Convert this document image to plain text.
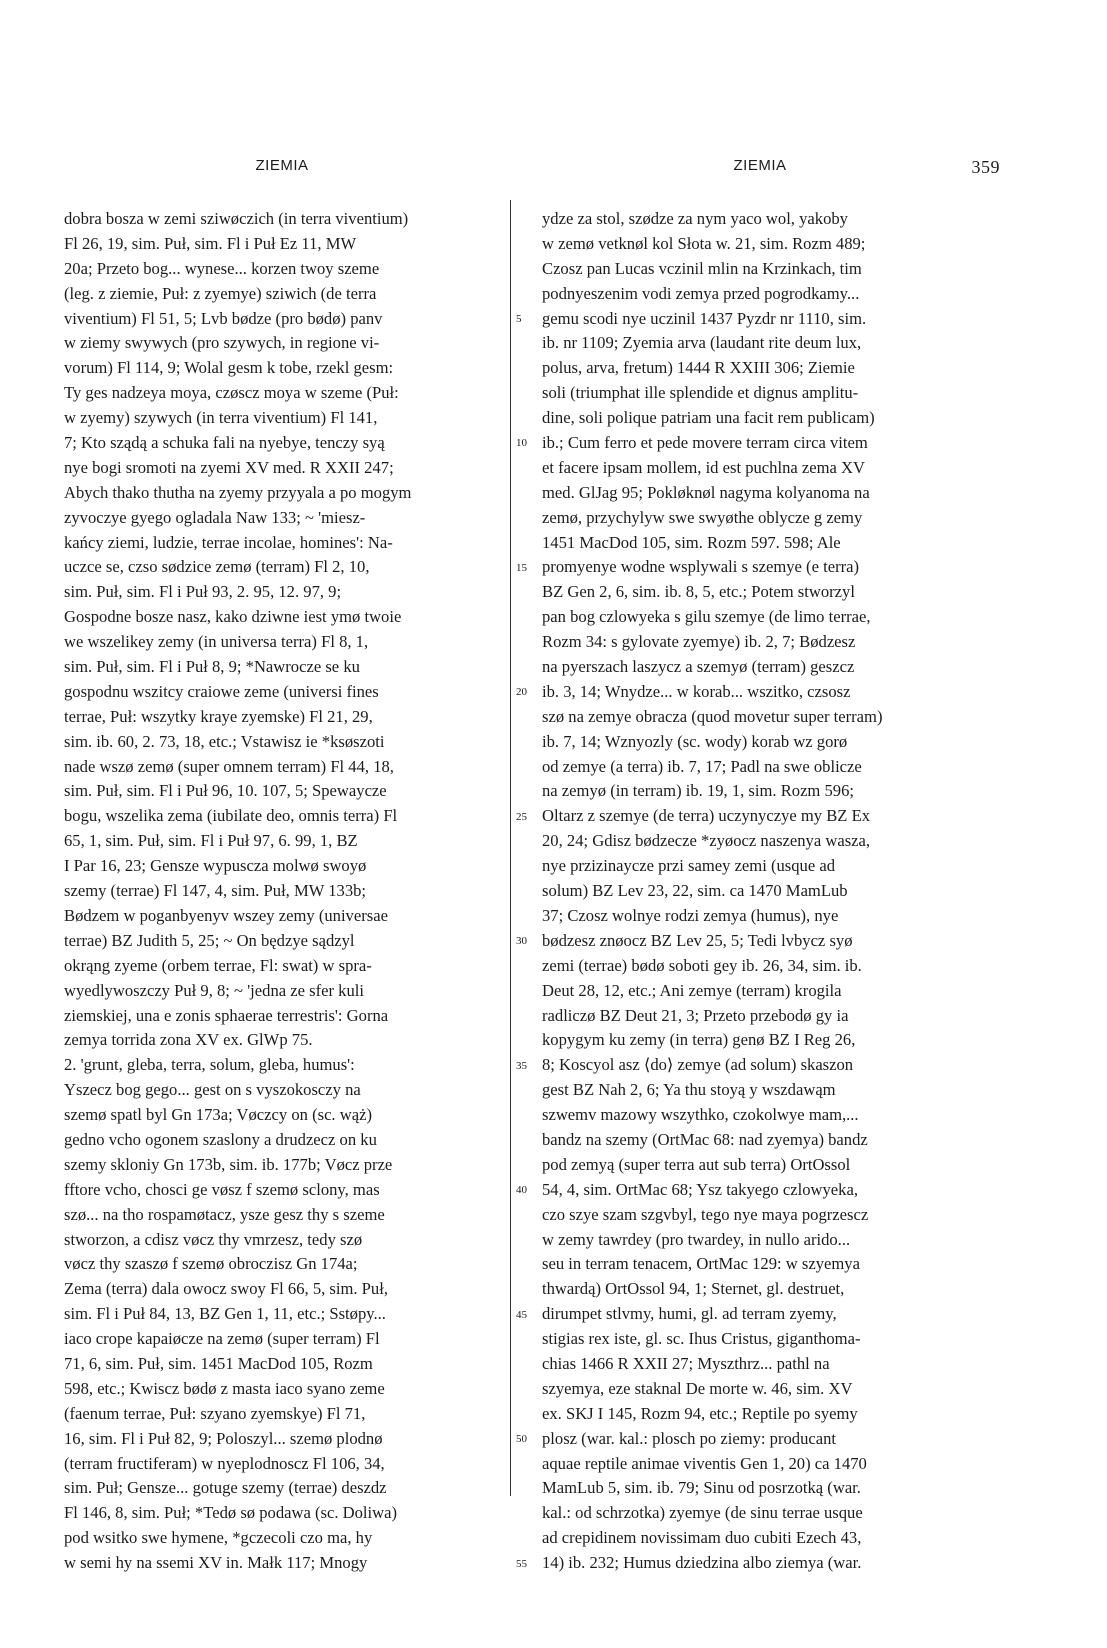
ZIEMIA	ZIEMIA	359
dobra bosza w zemi sziwøczich (in terra viventium)
Fl 26, 19, sim. Puł, sim. Fl i Puł Ez 11, MW
20a; Przeto bog... wynese... korzen twoy szeme
(leg. z ziemie, Puł: z zyemye) sziwich (de terra
viventium) Fl 51, 5; Lvb bødze (pro bødø) panv
w ziemy swywych (pro szywych, in regione vi-
vorum) Fl 114, 9; Wolal gesm k tobe, rzekl gesm:
Ty ges nadzeya moya, czøscz moya w szeme (Puł:
w zyemy) szywych (in terra viventium) Fl 141,
7; Kto sządą a schuka fali na nyebye, tenczy syą
nye bogi sromoti na zyemi XV med. R XXII 247;
Abych thako thutha na zyemy przyyala a po mogym
zyvoczye gyego ogladala Naw 133; ~ 'miesz-
kańcy ziemi, ludzie, terrae incolae, homines': Na-
uczce se, czso sødzice zemø (terram) Fl 2, 10,
sim. Puł, sim. Fl i Puł 93, 2. 95, 12. 97, 9;
Gospodne bosze nasz, kako dziwne iest ymø twoie
we wszelikey zemy (in universa terra) Fl 8, 1,
sim. Puł, sim. Fl i Puł 8, 9; *Nawrocze se ku
gospodnu wszitcy craiowe zeme (universi fines
terrae, Puł: wszytky kraye zyemske) Fl 21, 29,
sim. ib. 60, 2. 73, 18, etc.; Vstawisz ie *ksøszoti
nade wszø zemø (super omnem terram) Fl 44, 18,
sim. Puł, sim. Fl i Puł 96, 10. 107, 5; Spewaycze
bogu, wszelika zema (iubilate deo, omnis terra) Fl
65, 1, sim. Puł, sim. Fl i Puł 97, 6. 99, 1, BZ
I Par 16, 23; Gensze wypuscza molwø swoyø
szemy (terrae) Fl 147, 4, sim. Puł, MW 133b;
Bødzem w poganbyenyv wszey zemy (universae
terrae) BZ Judith 5, 25; ~ On będzye sądzyl
okrąng zyeme (orbem terrae, Fl: swat) w spra-
wyedlywoszczy Puł 9, 8; ~ 'jedna ze sfer kuli
ziemskiej, una e zonis sphaerae terrestris': Gorna
zemya torrida zona XV ex. GlWp 75.
2. 'grunt, gleba, terra, solum, gleba, humus':
Yszecz bog gego... gest on s vyszokosczy na
szemø spatl byl Gn 173a; Vøczcy on (sc. wąż)
gedno vcho ogonem szaslony a drudzecz on ku
szemy skloniy Gn 173b, sim. ib. 177b; Vøcz prze
fftore vcho, chosci ge vøsz f szemø sclony, mas
szø... na tho rospamøtacz, ysze gesz thy s szeme
stworzon, a cdisz vøcz thy vmrzesz, tedy szø
vøcz thy szaszø f szemø obroczisz Gn 174a;
Zema (terra) dala owocz swoy Fl 66, 5, sim. Puł,
sim. Fl i Puł 84, 13, BZ Gen 1, 11, etc.; Sstøpy...
iaco crope kapaiøcze na zemø (super terram) Fl
71, 6, sim. Puł, sim. 1451 MacDod 105, Rozm
598, etc.; Kwiscz bødø z masta iaco syano zeme
(faenum terrae, Puł: szyano zyemskye) Fl 71,
16, sim. Fl i Puł 82, 9; Poloszyl... szemø plodnø
(terram fructiferam) w nyeplodnoscz Fl 106, 34,
sim. Puł; Gensze... gotuge szemy (terrae) deszdz
Fl 146, 8, sim. Puł; *Tedø sø podawa (sc. Doliwa)
pod wsitko swe hymene, *gczecoli czo ma, hy
w semi hy na ssemi XV in. Małk 117; Mnogy
5
10
15
20
25
30
35
40
45
50
55
ydze za stol, szødze za nym yaco wol, yakoby
w zemø vetknøl kol Słota w. 21, sim. Rozm 489;
Czosz pan Lucas vczinil mlin na Krzinkach, tim
podnyeszenim vodi zemya przed pogrodkamy...
gemu scodi nye uczinil 1437 Pyzdr nr 1110, sim.
ib. nr 1109; Zyemia arva (laudant rite deum lux,
polus, arva, fretum) 1444 R XXIII 306; Ziemie
soli (triumphat ille splendide et dignus amplitu-
dine, soli polique patriam una facit rem publicam)
ib.; Cum ferro et pede movere terram circa vitem
et facere ipsam mollem, id est puchlna zema XV
med. GlJag 95; Pokløknøl nagyma kolyanoma na
zemø, przychylyw swe swyøthe oblycze g zemy
1451 MacDod 105, sim. Rozm 597. 598; Ale
promyenye wodne wsplywali s szemye (e terra)
BZ Gen 2, 6, sim. ib. 8, 5, etc.; Potem stworzyl
pan bog czlowyeka s gilu szemye (de limo terrae,
Rozm 34: s gylovate zyemye) ib. 2, 7; Bødzesz
na pyerszach laszycz a szemyø (terram) geszcz
ib. 3, 14; Wnydze... w korab... wszitko, czsosz
szø na zemye obracza (quod movetur super terram)
ib. 7, 14; Wznyozly (sc. wody) korab wz gorø
od zemye (a terra) ib. 7, 17; Padl na swe oblicze
na zemyø (in terram) ib. 19, 1, sim. Rozm 596;
Oltarz z szemye (de terra) uczynyczye my BZ Ex
20, 24; Gdisz bødzecze *zyøocz naszenya wasza,
nye przizinaycze przi samey zemi (usque ad
solum) BZ Lev 23, 22, sim. ca 1470 MamLub
37; Czosz wolnye rodzi zemya (humus), nye
bødzesz znøocz BZ Lev 25, 5; Tedi lvbycz syø
zemi (terrae) bødø soboti gey ib. 26, 34, sim. ib.
Deut 28, 12, etc.; Ani zemye (terram) krogila
radliczø BZ Deut 21, 3; Przeto przebodø gy ia
kopygym ku zemy (in terra) genø BZ I Reg 26,
8; Koscyol asz ⟨do⟩ zemye (ad solum) skaszon
gest BZ Nah 2, 6; Ya thu stoyą y wszdawąm
szwemv mazowy wszythko, czokolwye mam,...
bandz na szemy (OrtMac 68: nad zyemya) bandz
pod zemyą (super terra aut sub terra) OrtOssol
54, 4, sim. OrtMac 68; Ysz takyego czlowyeka,
czo szye szam szgvbyl, tego nye maya pogrzescz
w zemy tawrdey (pro twardey, in nullo arido...
seu in terram tenacem, OrtMac 129: w szyemya
thwardą) OrtOssol 94, 1; Sternet, gl. destruet,
dirumpet stlvmy, humi, gl. ad terram zyemy,
stigias rex iste, gl. sc. Ihus Cristus, giganthoma-
chias 1466 R XXII 27; Myszthrz... pathl na
szyemya, eze staknal De morte w. 46, sim. XV
ex. SKJ I 145, Rozm 94, etc.; Reptile po syemy
plosz (war. kal.: plosch po ziemy: producant
aquae reptile animae viventis Gen 1, 20) ca 1470
MamLub 5, sim. ib. 79; Sinu od posrzotką (war.
kal.: od schrzotka) zyemye (de sinu terrae usque
ad crepidinem novissimam duo cubiti Ezech 43,
14) ib. 232; Humus dziedzina albo ziemya (war.
